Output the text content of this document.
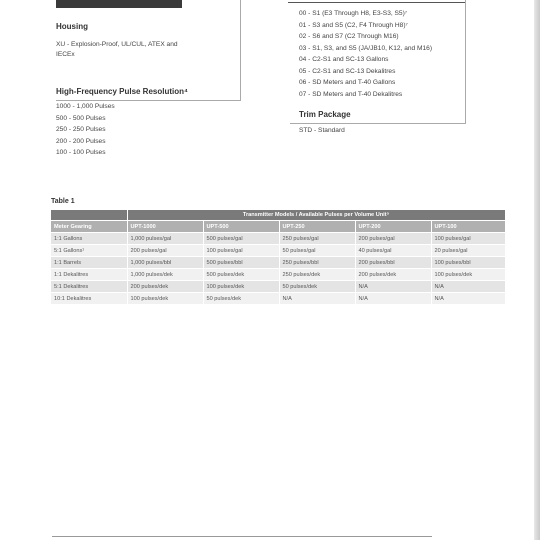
Housing
XU - Explosion-Proof, UL/CUL, ATEX and
IECEx
High-Frequency Pulse Resolution⁴
1000 - 1,000 Pulses
500 - 500 Pulses
250 - 250 Pulses
200 - 200 Pulses
100 - 100 Pulses
00 - S1 (E3 Through H8, E3-S3, S5)⁷
01 - S3 and S5 (C2, F4 Through H8)⁷
02 - S6 and S7 (C2 Through M16)
03 - S1, S3, and S5 (JA/JB10, K12, and M16)
04 - C2-S1 and SC-13 Gallons
05 - C2-S1 and SC-13 Dekalitres
06 - SD Meters and T-40 Gallons
07 - SD Meters and T-40 Dekalitres
Trim Package
STD - Standard
Table 1
	Transmitter Models / Available Pulses per Volume Unit⁵				
Meter Gearing	UPT-1000	UPT-500	UPT-250	UPT-200	UPT-100
1:1 Gallons	1,000 pulses/gal	500 pulses/gal	250 pulses/gal	200 pulses/gal	100 pulses/gal
5:1 Gallons¹	200 pulses/gal	100 pulses/gal	50 pulses/gal	40 pulses/gal	20 pulses/gal
1:1 Barrels	1,000 pulses/bbl	500 pulses/bbl	250 pulses/bbl	200 pulses/bbl	100 pulses/bbl
1:1 Dekalitres	1,000 pulses/dek	500 pulses/dek	250 pulses/dek	200 pulses/dek	100 pulses/dek
5:1 Dekalitres	200 pulses/dek	100 pulses/dek	50 pulses/dek	N/A	N/A
10:1 Dekalitres	100 pulses/dek	50 pulses/dek	N/A	N/A	N/A
